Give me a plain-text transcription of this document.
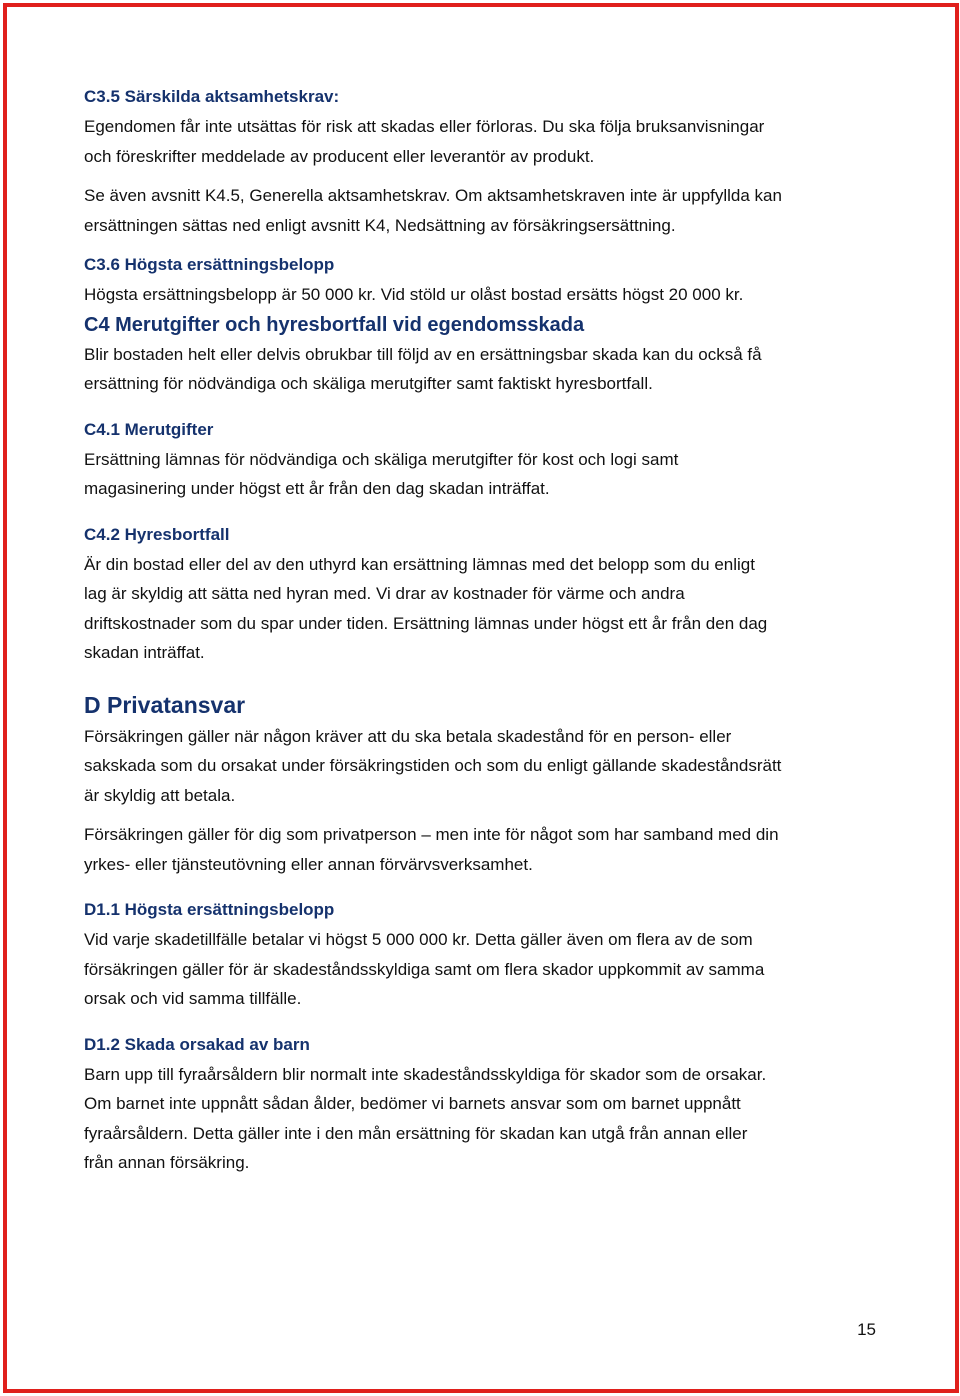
C3.5 Särskilda aktsamhetskrav:

Egendomen får inte utsättas för risk att skadas eller förloras. Du ska följa bruksanvisningar
och föreskrifter meddelade av producent eller leverantör av produkt.

Se även avsnitt K4.5, Generella aktsamhetskrav. Om aktsamhetskraven inte är uppfyllda kan
ersättningen sättas ned enligt avsnitt K4, Nedsättning av försäkringsersättning.

C3.6 Högsta ersättningsbelopp

Högsta ersättningsbelopp är 50 000 kr. Vid stöld ur olåst bostad ersätts högst 20 000 kr.

C4 Merutgifter och hyresbortfall vid egendomsskada

Blir bostaden helt eller delvis obrukbar till följd av en ersättningsbar skada kan du också få
ersättning för nödvändiga och skäliga merutgifter samt faktiskt hyresbortfall.

C4.1 Merutgifter

Ersättning lämnas för nödvändiga och skäliga merutgifter för kost och logi samt
magasinering under högst ett år från den dag skadan inträffat.

C4.2 Hyresbortfall

Är din bostad eller del av den uthyrd kan ersättning lämnas med det belopp som du enligt
lag är skyldig att sätta ned hyran med. Vi drar av kostnader för värme och andra
driftskostnader som du spar under tiden. Ersättning lämnas under högst ett år från den dag
skadan inträffat.

D Privatansvar

Försäkringen gäller när någon kräver att du ska betala skadestånd för en person- eller
sakskada som du orsakat under försäkringstiden och som du enligt gällande skadeståndsrätt
är skyldig att betala.

Försäkringen gäller för dig som privatperson – men inte för något som har samband med din
yrkes- eller tjänsteutövning eller annan förvärvsverksamhet.

D1.1 Högsta ersättningsbelopp

Vid varje skadetillfälle betalar vi högst 5 000 000 kr. Detta gäller även om flera av de som
försäkringen gäller för är skadeståndsskyldiga samt om flera skador uppkommit av samma
orsak och vid samma tillfälle.

D1.2 Skada orsakad av barn

Barn upp till fyraårsåldern blir normalt inte skadeståndsskyldiga för skador som de orsakar.
Om barnet inte uppnått sådan ålder, bedömer vi barnets ansvar som om barnet uppnått
fyraårsåldern. Detta gäller inte i den mån ersättning för skadan kan utgå från annan eller
från annan försäkring.

15
